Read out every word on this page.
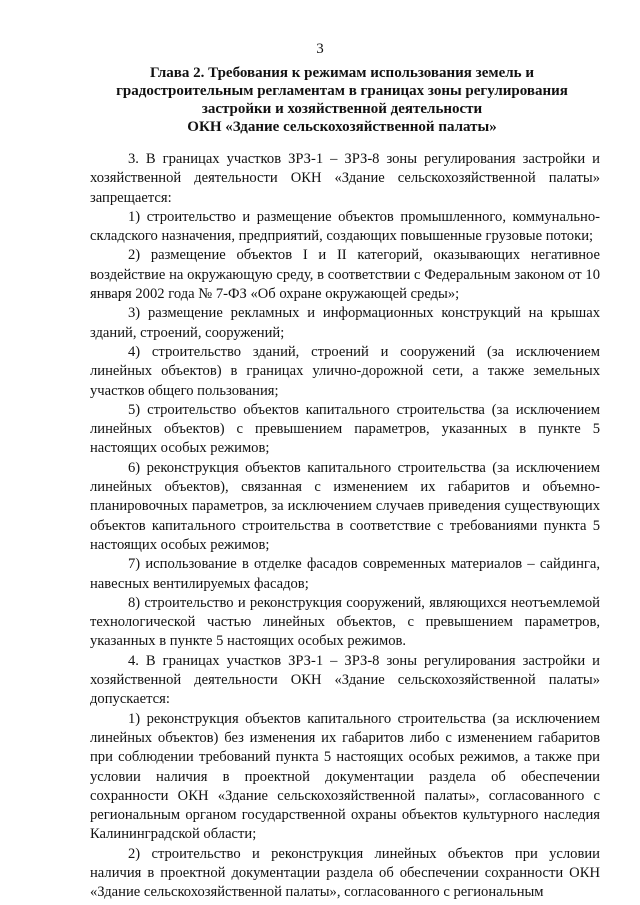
3
Глава 2. Требования к режимам использования земель и
градостроительным регламентам в границах зоны регулирования
застройки и хозяйственной деятельности
ОКН «Здание сельскохозяйственной палаты»

3. В границах участков ЗРЗ-1 – ЗРЗ-8 зоны регулирования застройки и хозяйственной деятельности ОКН «Здание сельскохозяйственной палаты» запрещается:

1) строительство и размещение объектов промышленного, коммунально-складского назначения, предприятий, создающих повышенные грузовые потоки;

2) размещение объектов I и II категорий, оказывающих негативное воздействие на окружающую среду, в соответствии с Федеральным законом от 10 января 2002 года № 7-ФЗ «Об охране окружающей среды»;

3) размещение рекламных и информационных конструкций на крышах зданий, строений, сооружений;

4) строительство зданий, строений и сооружений (за исключением линейных объектов) в границах улично-дорожной сети, а также земельных участков общего пользования;

5) строительство объектов капитального строительства (за исключением линейных объектов) с превышением параметров, указанных в пункте 5 настоящих особых режимов;

6) реконструкция объектов капитального строительства (за исключением линейных объектов), связанная с изменением их габаритов и объемно-планировочных параметров, за исключением случаев приведения существующих объектов капитального строительства в соответствие с требованиями пункта 5 настоящих особых режимов;

7) использование в отделке фасадов современных материалов – сайдинга, навесных вентилируемых фасадов;

8) строительство и реконструкция сооружений, являющихся неотъемлемой технологической частью линейных объектов, с превышением параметров, указанных в пункте 5 настоящих особых режимов.

4. В границах участков ЗРЗ-1 – ЗРЗ-8 зоны регулирования застройки и хозяйственной деятельности ОКН «Здание сельскохозяйственной палаты» допускается:

1) реконструкция объектов капитального строительства (за исключением линейных объектов) без изменения их габаритов либо с изменением габаритов при соблюдении требований пункта 5 настоящих особых режимов, а также при условии наличия в проектной документации раздела об обеспечении сохранности ОКН «Здание сельскохозяйственной палаты», согласованного с региональным органом государственной охраны объектов культурного наследия Калининградской области;

2) строительство и реконструкция линейных объектов при условии наличия в проектной документации раздела об обеспечении сохранности ОКН «Здание сельскохозяйственной палаты», согласованного с региональным
